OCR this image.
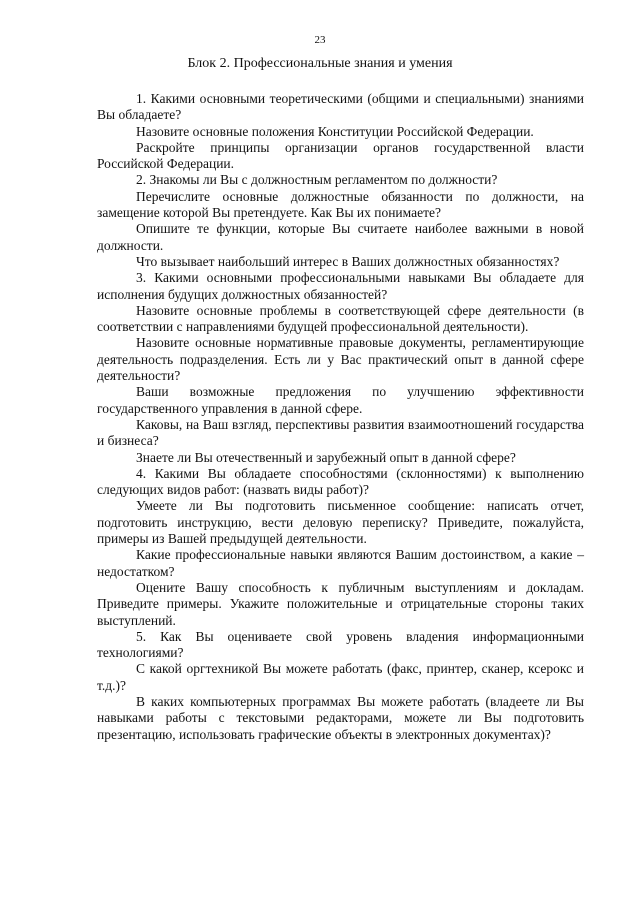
23
Блок 2. Профессиональные знания и умения

1. Какими основными теоретическими (общими и специальными) знаниями Вы обладаете?

Назовите основные положения Конституции Российской Федерации.

Раскройте принципы организации органов государственной власти Российской Федерации.

2. Знакомы ли Вы с должностным регламентом по должности?

Перечислите основные должностные обязанности по должности, на замещение которой Вы претендуете. Как Вы их понимаете?

Опишите те функции, которые Вы считаете наиболее важными в новой должности.

Что вызывает наибольший интерес в Ваших должностных обязанностях?

3. Какими основными профессиональными навыками Вы обладаете для исполнения будущих должностных обязанностей?

Назовите основные проблемы в соответствующей сфере деятельности (в соответствии с направлениями будущей профессиональной деятельности).

Назовите основные нормативные правовые документы, регламентирующие деятельность подразделения. Есть ли у Вас практический опыт в данной сфере деятельности?

Ваши возможные предложения по улучшению эффективности государственного управления в данной сфере.

Каковы, на Ваш взгляд, перспективы развития взаимоотношений государства и бизнеса?

Знаете ли Вы отечественный и зарубежный опыт в данной сфере?

4. Какими Вы обладаете способностями (склонностями) к выполнению следующих видов работ: (назвать виды работ)?

Умеете ли Вы подготовить письменное сообщение: написать отчет, подготовить инструкцию, вести деловую переписку? Приведите, пожалуйста, примеры из Вашей предыдущей деятельности.

Какие профессиональные навыки являются Вашим достоинством, а какие – недостатком?

Оцените Вашу способность к публичным выступлениям и докладам. Приведите примеры. Укажите положительные и отрицательные стороны таких выступлений.

5. Как Вы оцениваете свой уровень владения информационными технологиями?

С какой оргтехникой Вы можете работать (факс, принтер, сканер, ксерокс и т.д.)?

В каких компьютерных программах Вы можете работать (владеете ли Вы навыками работы с текстовыми редакторами, можете ли Вы подготовить презентацию, использовать графические объекты в электронных документах)?
